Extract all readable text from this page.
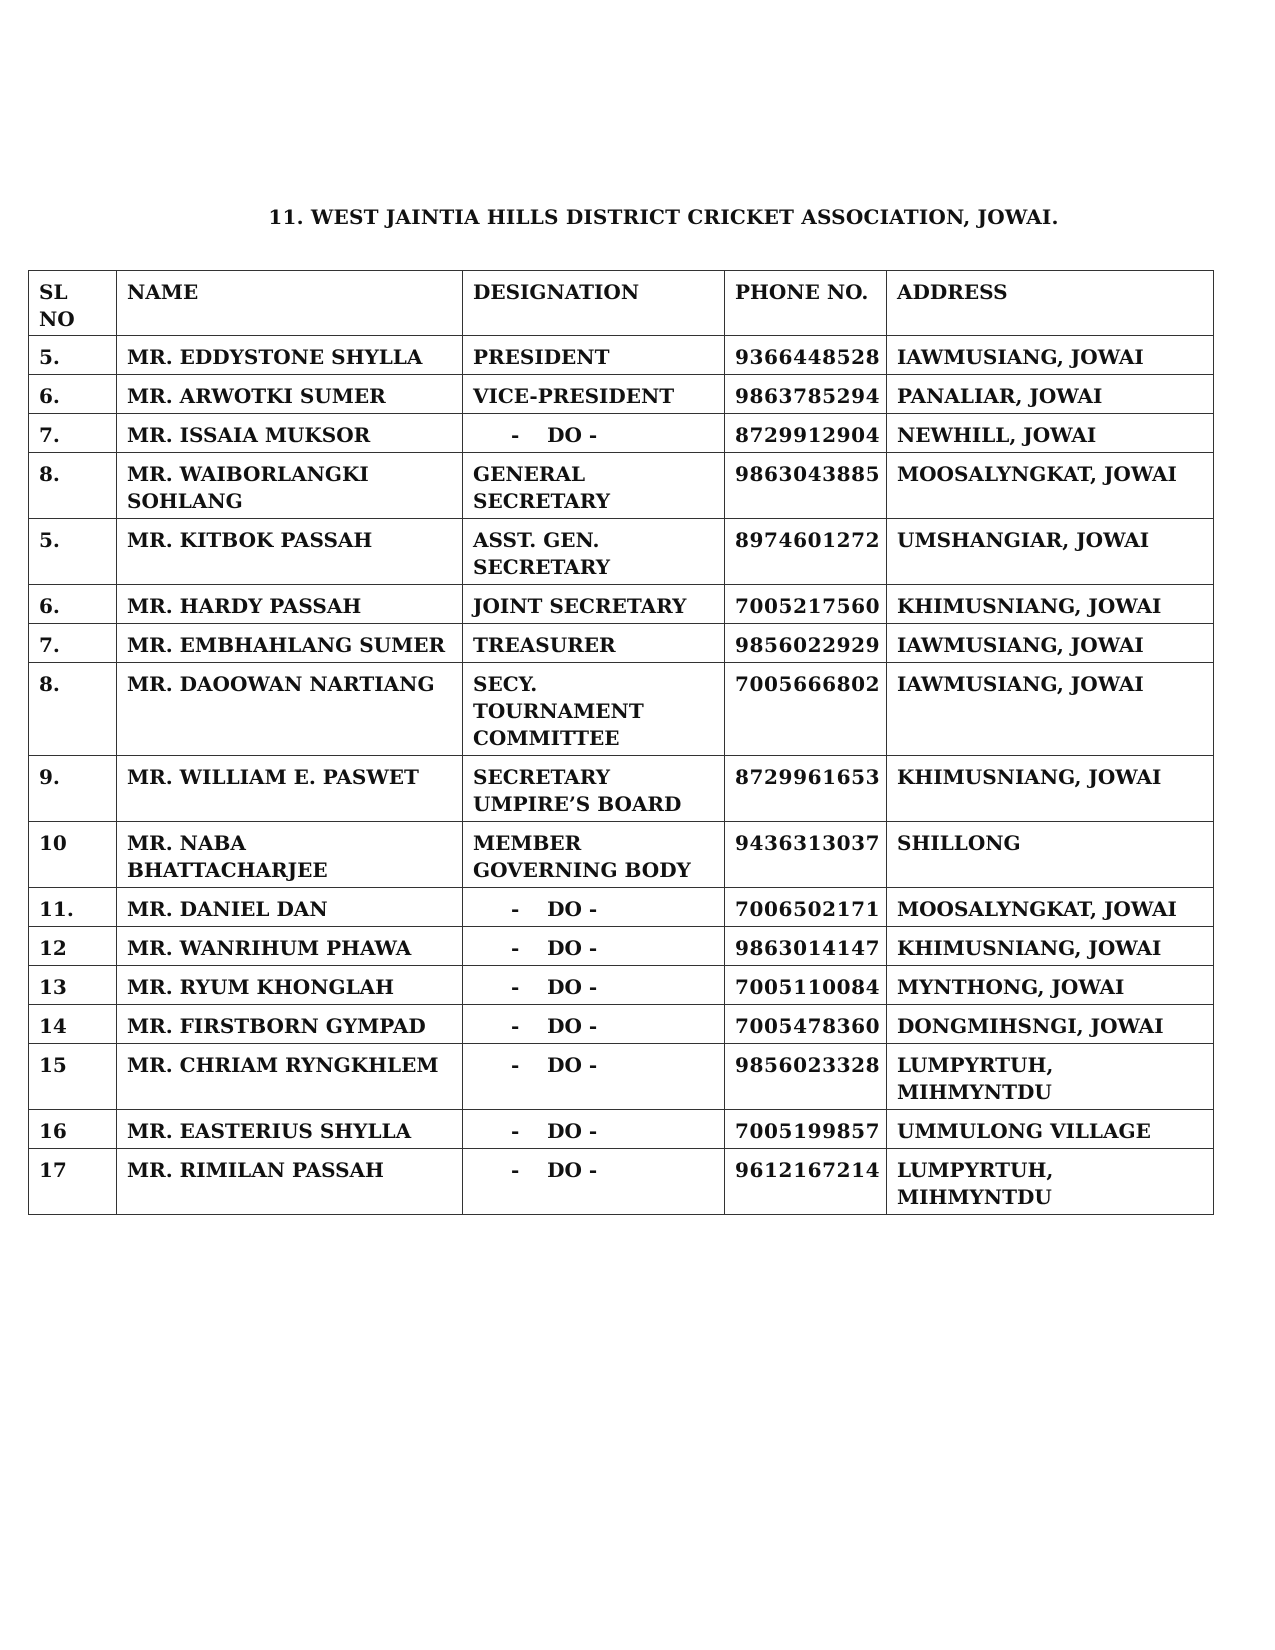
11. WEST JAINTIA HILLS DISTRICT CRICKET ASSOCIATION, JOWAI.
SL NO	NAME	DESIGNATION	PHONE NO.	ADDRESS
5.	MR. EDDYSTONE SHYLLA	PRESIDENT	9366448528	IAWMUSIANG, JOWAI
6.	MR. ARWOTKI SUMER	VICE-PRESIDENT	9863785294	PANALIAR, JOWAI
7.	MR. ISSAIA MUKSOR	-    DO -	8729912904	NEWHILL, JOWAI
8.	MR. WAIBORLANGKI SOHLANG	GENERAL SECRETARY	9863043885	MOOSALYNGKAT, JOWAI
5.	MR. KITBOK PASSAH	ASST. GEN. SECRETARY	8974601272	UMSHANGIAR, JOWAI
6.	MR. HARDY PASSAH	JOINT SECRETARY	7005217560	KHIMUSNIANG, JOWAI
7.	MR. EMBHAHLANG SUMER	TREASURER	9856022929	IAWMUSIANG, JOWAI
8.	MR. DAOOWAN NARTIANG	SECY. TOURNAMENT COMMITTEE	7005666802	IAWMUSIANG, JOWAI
9.	MR. WILLIAM E. PASWET	SECRETARY UMPIRE’S BOARD	8729961653	KHIMUSNIANG, JOWAI
10	MR. NABA BHATTACHARJEE	MEMBER GOVERNING BODY	9436313037	SHILLONG
11.	MR. DANIEL DAN	-    DO -	7006502171	MOOSALYNGKAT, JOWAI
12	MR. WANRIHUM PHAWA	-    DO -	9863014147	KHIMUSNIANG, JOWAI
13	MR. RYUM KHONGLAH	-    DO -	7005110084	MYNTHONG, JOWAI
14	MR. FIRSTBORN GYMPAD	-    DO -	7005478360	DONGMIHSNGI, JOWAI
15	MR. CHRIAM RYNGKHLEM	-    DO -	9856023328	LUMPYRTUH, MIHMYNTDU
16	MR. EASTERIUS SHYLLA	-    DO -	7005199857	UMMULONG VILLAGE
17	MR. RIMILAN PASSAH	-    DO -	9612167214	LUMPYRTUH, MIHMYNTDU
